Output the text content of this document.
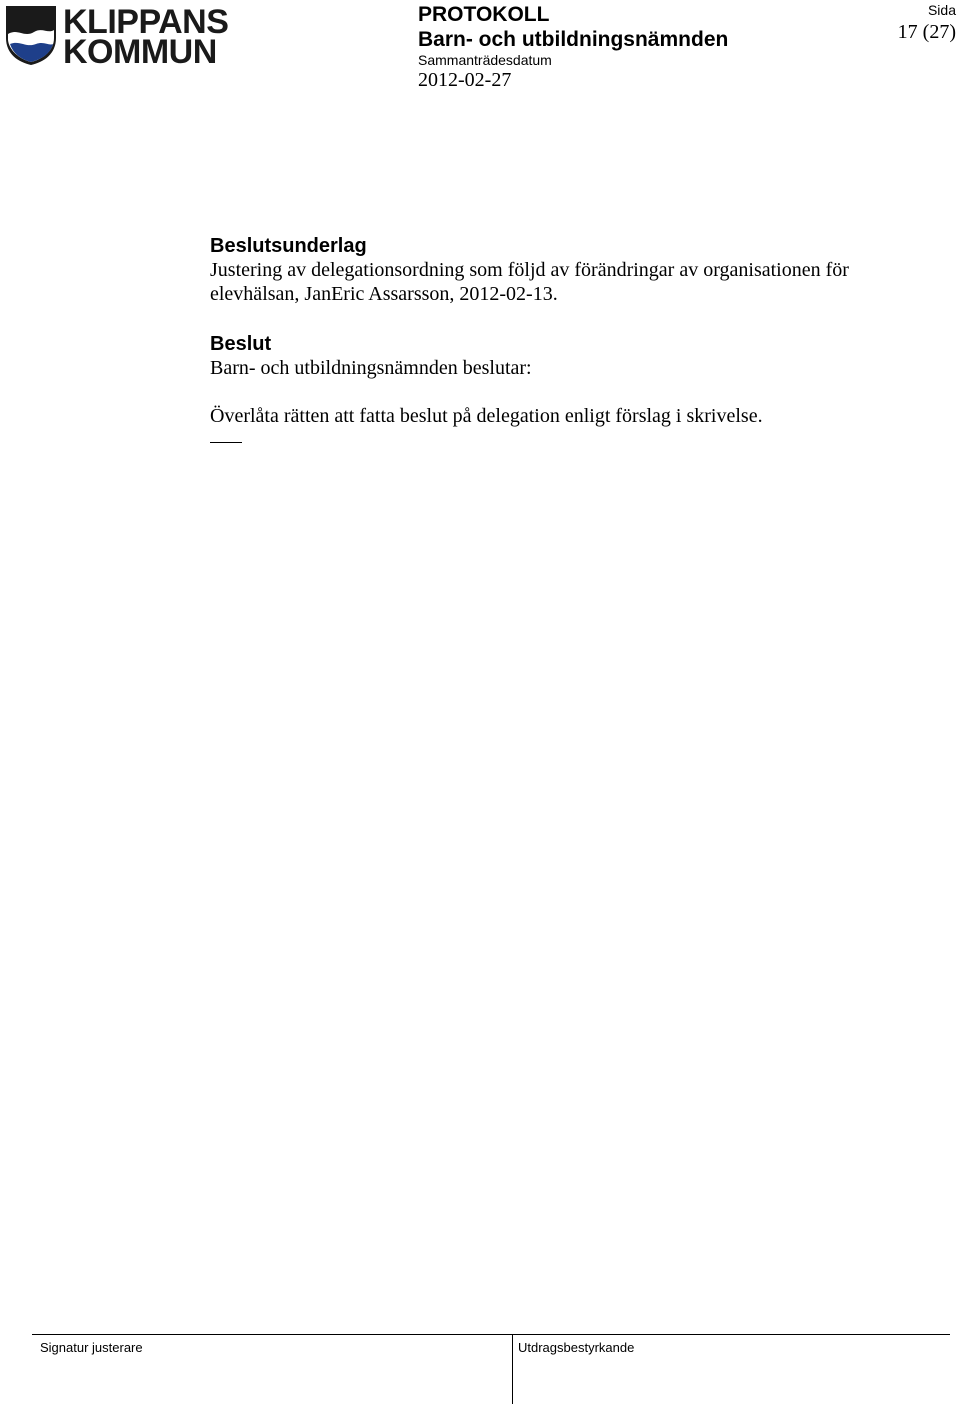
KLIPPANS
KOMMUN
PROTOKOLL
Barn- och utbildningsnämnden
Sammanträdesdatum
2012-02-27
Sida
17 (27)

Beslutsunderlag

Justering av delegationsordning som följd av förändringar av organisationen för

elevhälsan, JanEric Assarsson, 2012-02-13.

Beslut

Barn- och utbildningsnämnden beslutar:

Överlåta rätten att fatta beslut på delegation enligt förslag i skrivelse.

Signatur justerare	Utdragsbestyrkande
